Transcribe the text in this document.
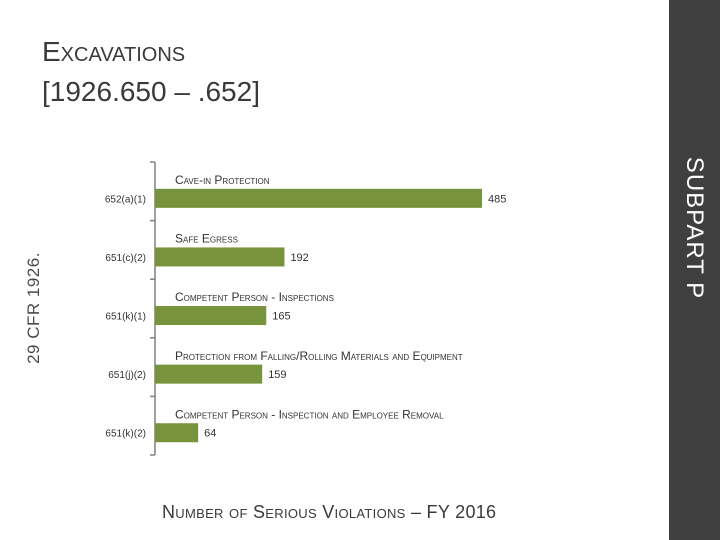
Excavations
[1926.650 – .652]
SUBPART P
29 CFR 1926.
Cave-in Protection
485
652(a)(1)
Safe Egress
192
651(c)(2)
Competent Person - Inspections
165
651(k)(1)
Protection from Falling/Rolling Materials and Equipment
159
651(j)(2)
Competent Person - Inspection and Employee Removal
64
651(k)(2)
Number of Serious Violations – FY 2016
